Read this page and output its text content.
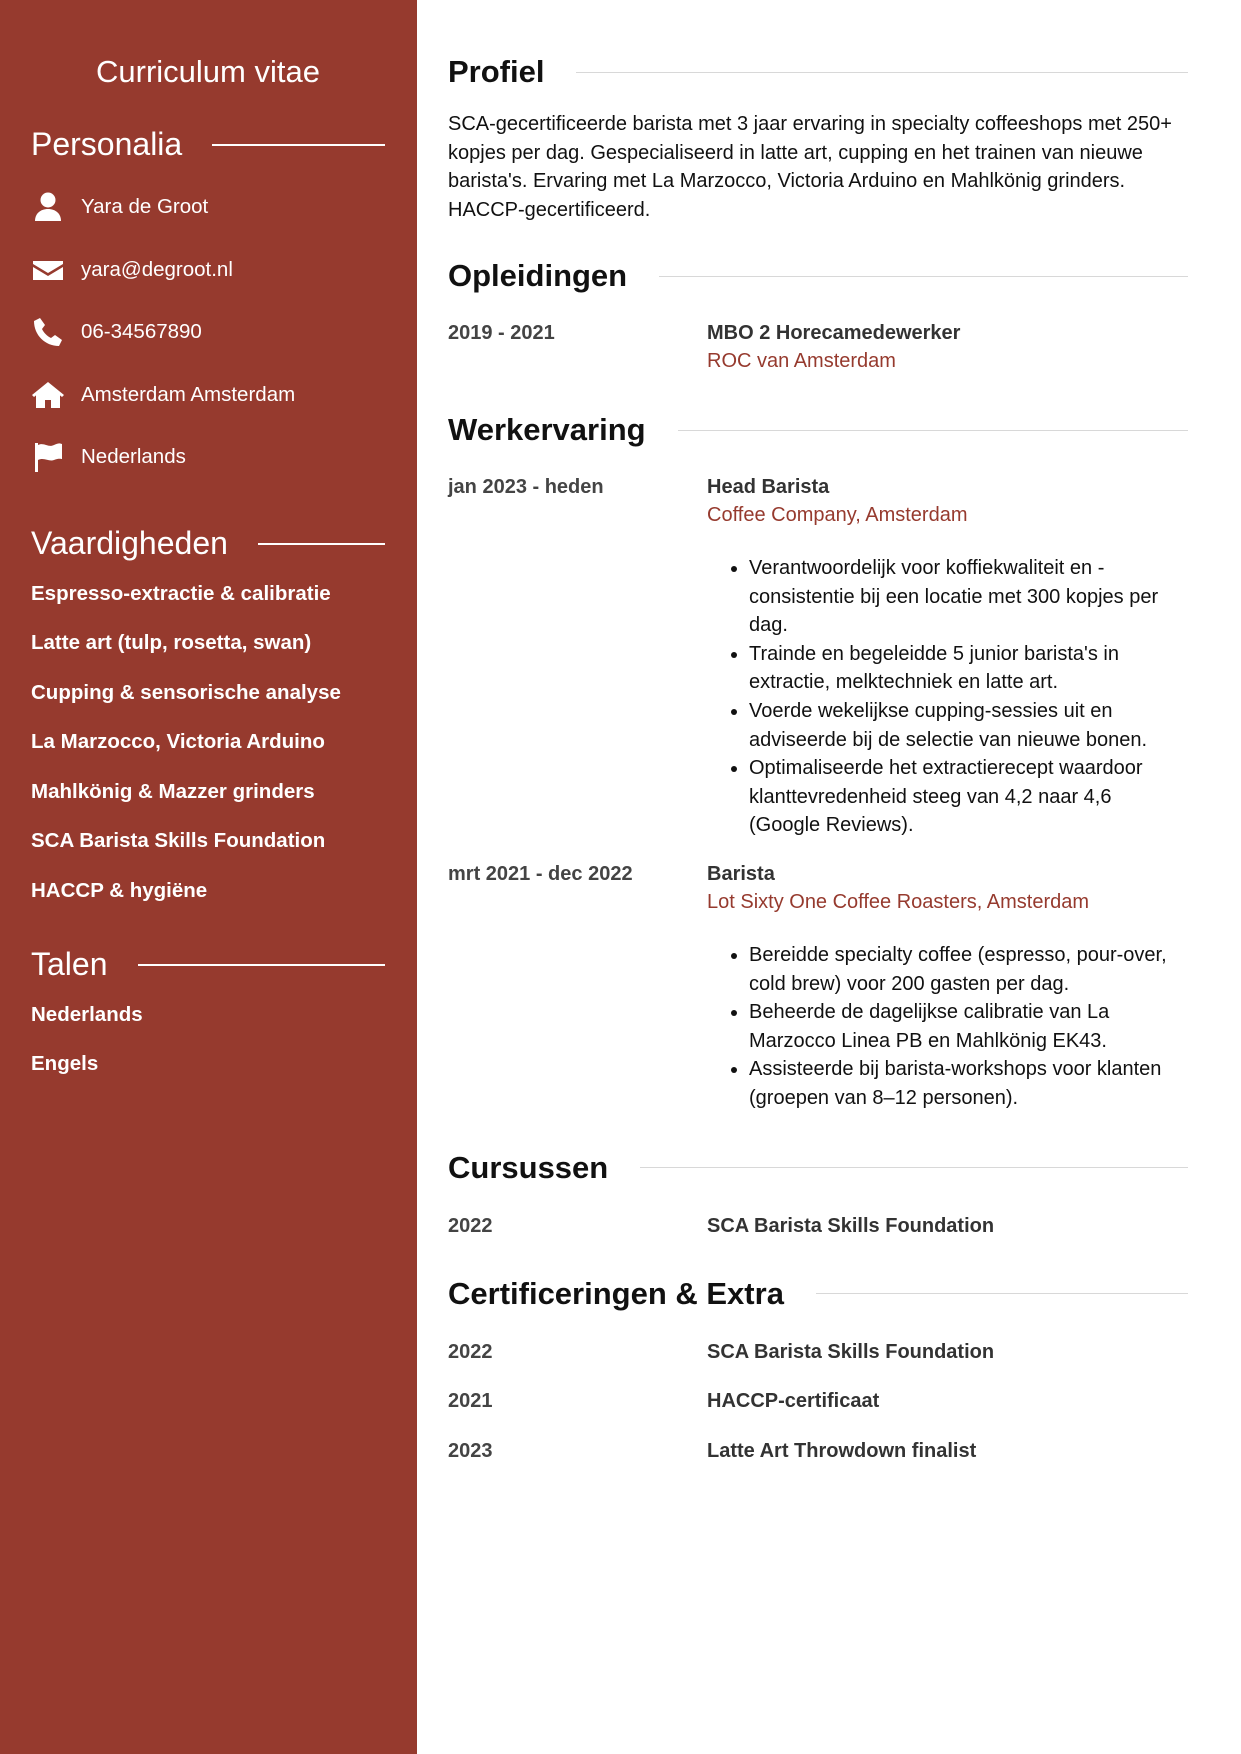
Curriculum vitae
Personalia
Yara de Groot
yara@degroot.nl
06-34567890
Amsterdam Amsterdam
Nederlands
Vaardigheden
Espresso-extractie & calibratie
Latte art (tulp, rosetta, swan)
Cupping & sensorische analyse
La Marzocco, Victoria Arduino
Mahlkönig & Mazzer grinders
SCA Barista Skills Foundation
HACCP & hygiëne
Talen
Nederlands
Engels
Profiel

SCA-gecertificeerde barista met 3 jaar ervaring in specialty coffeeshops met 250+ kopjes per dag. Gespecialiseerd in latte art, cupping en het trainen van nieuwe barista's. Ervaring met La Marzocco, Victoria Arduino en Mahlkönig grinders. HACCP-gecertificeerd.

Opleidingen
2019 - 2021	MBO 2 Horecamedewerker
ROC van Amsterdam
Werkervaring
jan 2023 - heden	Head Barista
Coffee Company, Amsterdam
• Verantwoordelijk voor koffiekwaliteit en -consistentie bij een locatie met 300 kopjes per dag.
• Trainde en begeleidde 5 junior barista's in extractie, melktechniek en latte art.
• Voerde wekelijkse cupping-sessies uit en adviseerde bij de selectie van nieuwe bonen.
• Optimaliseerde het extractierecept waardoor klanttevredenheid steeg van 4,2 naar 4,6 (Google Reviews).
mrt 2021 - dec 2022	Barista
Lot Sixty One Coffee Roasters, Amsterdam
• Bereidde specialty coffee (espresso, pour-over, cold brew) voor 200 gasten per dag.
• Beheerde de dagelijkse calibratie van La Marzocco Linea PB en Mahlkönig EK43.
• Assisteerde bij barista-workshops voor klanten (groepen van 8–12 personen).
Cursussen
2022	SCA Barista Skills Foundation
Certificeringen & Extra
2022	SCA Barista Skills Foundation
2021	HACCP-certificaat
2023	Latte Art Throwdown finalist
